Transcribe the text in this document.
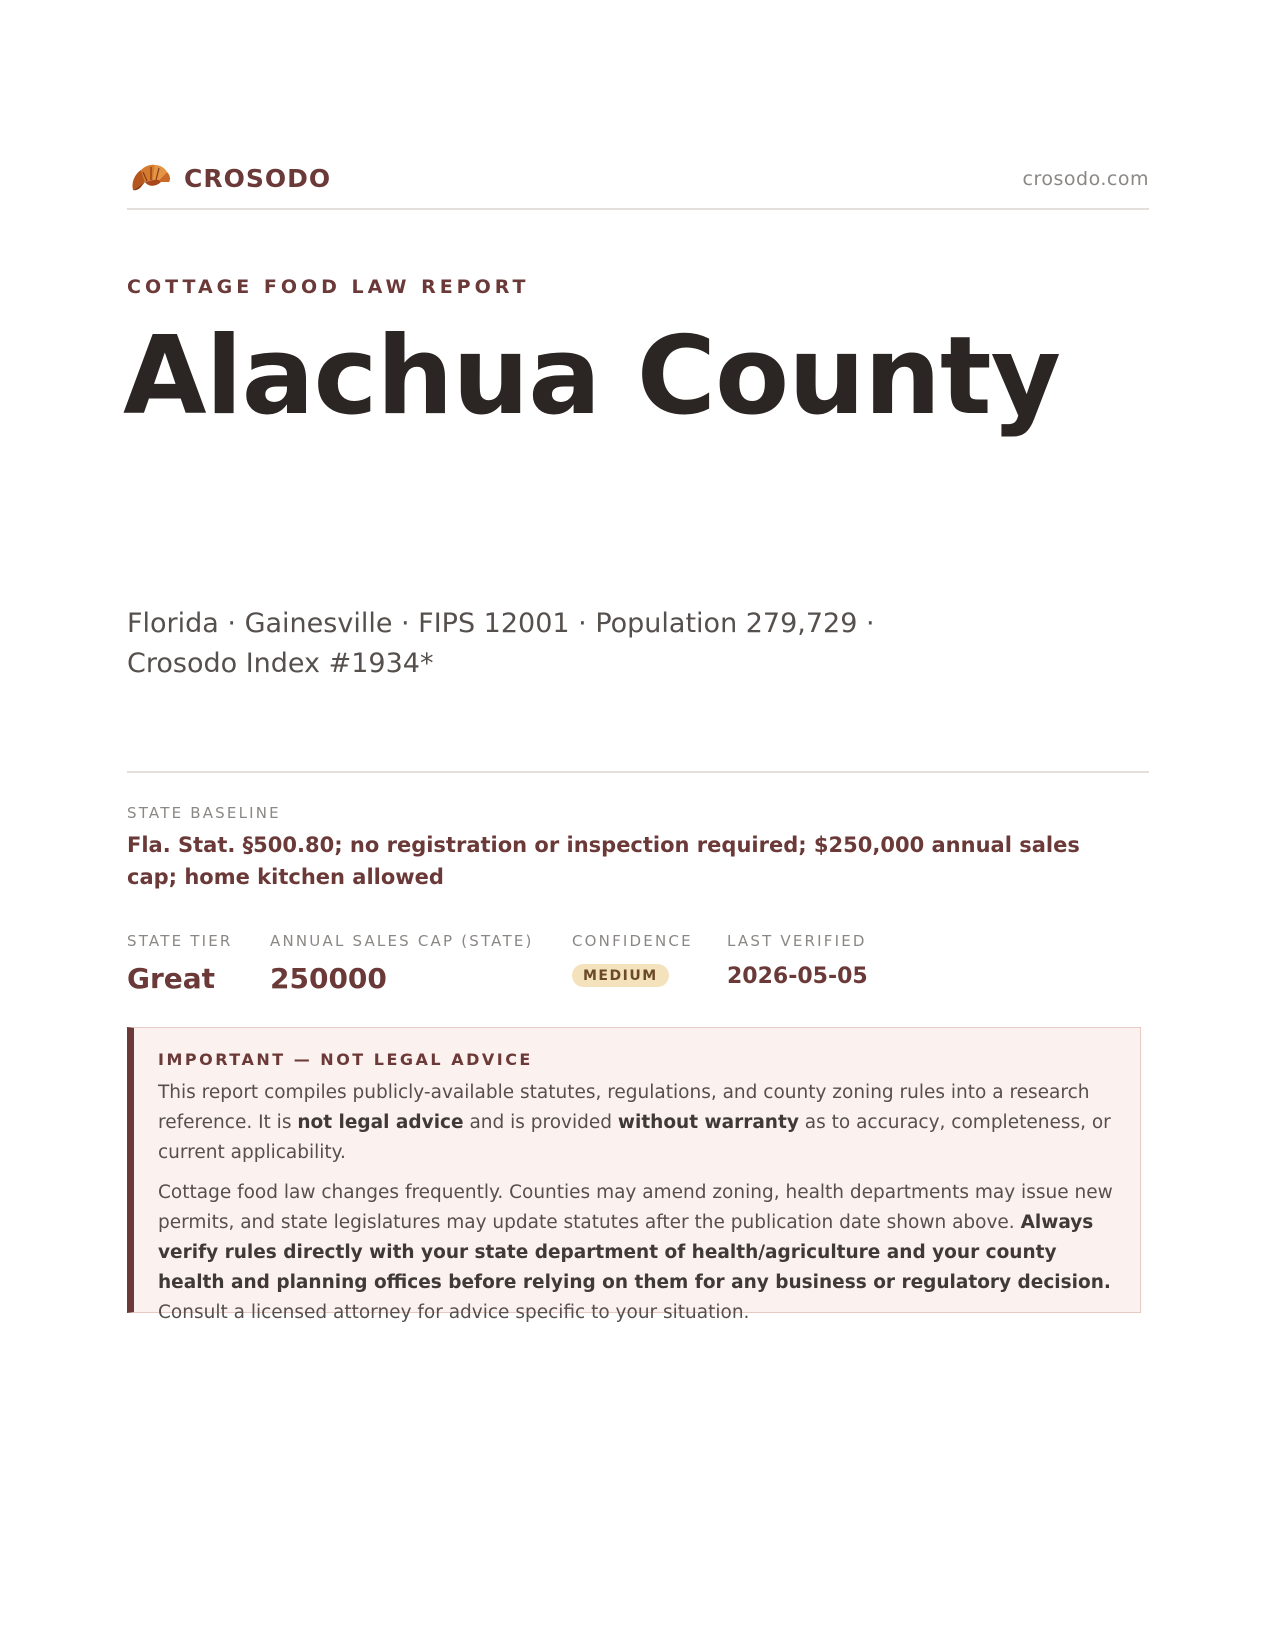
CROSODO	crosodo.com
COTTAGE FOOD LAW REPORT
Alachua County
Florida · Gainesville · FIPS 12001 · Population 279,729 ·
Crosodo Index #1934*
STATE BASELINE
Fla. Stat. §500.80; no registration or inspection required; $250,000 annual sales cap; home kitchen allowed
STATE TIER
Great
ANNUAL SALES CAP (STATE)
250000
CONFIDENCE
MEDIUM
LAST VERIFIED
2026-05-05
IMPORTANT — NOT LEGAL ADVICE

This report compiles publicly-available statutes, regulations, and county zoning rules into a research reference. It is not legal advice and is provided without warranty as to accuracy, completeness, or current applicability.

Cottage food law changes frequently. Counties may amend zoning, health departments may issue new permits, and state legislatures may update statutes after the publication date shown above. Always verify rules directly with your state department of health/agriculture and your county health and planning offices before relying on them for any business or regulatory decision. Consult a licensed attorney for advice specific to your situation.
